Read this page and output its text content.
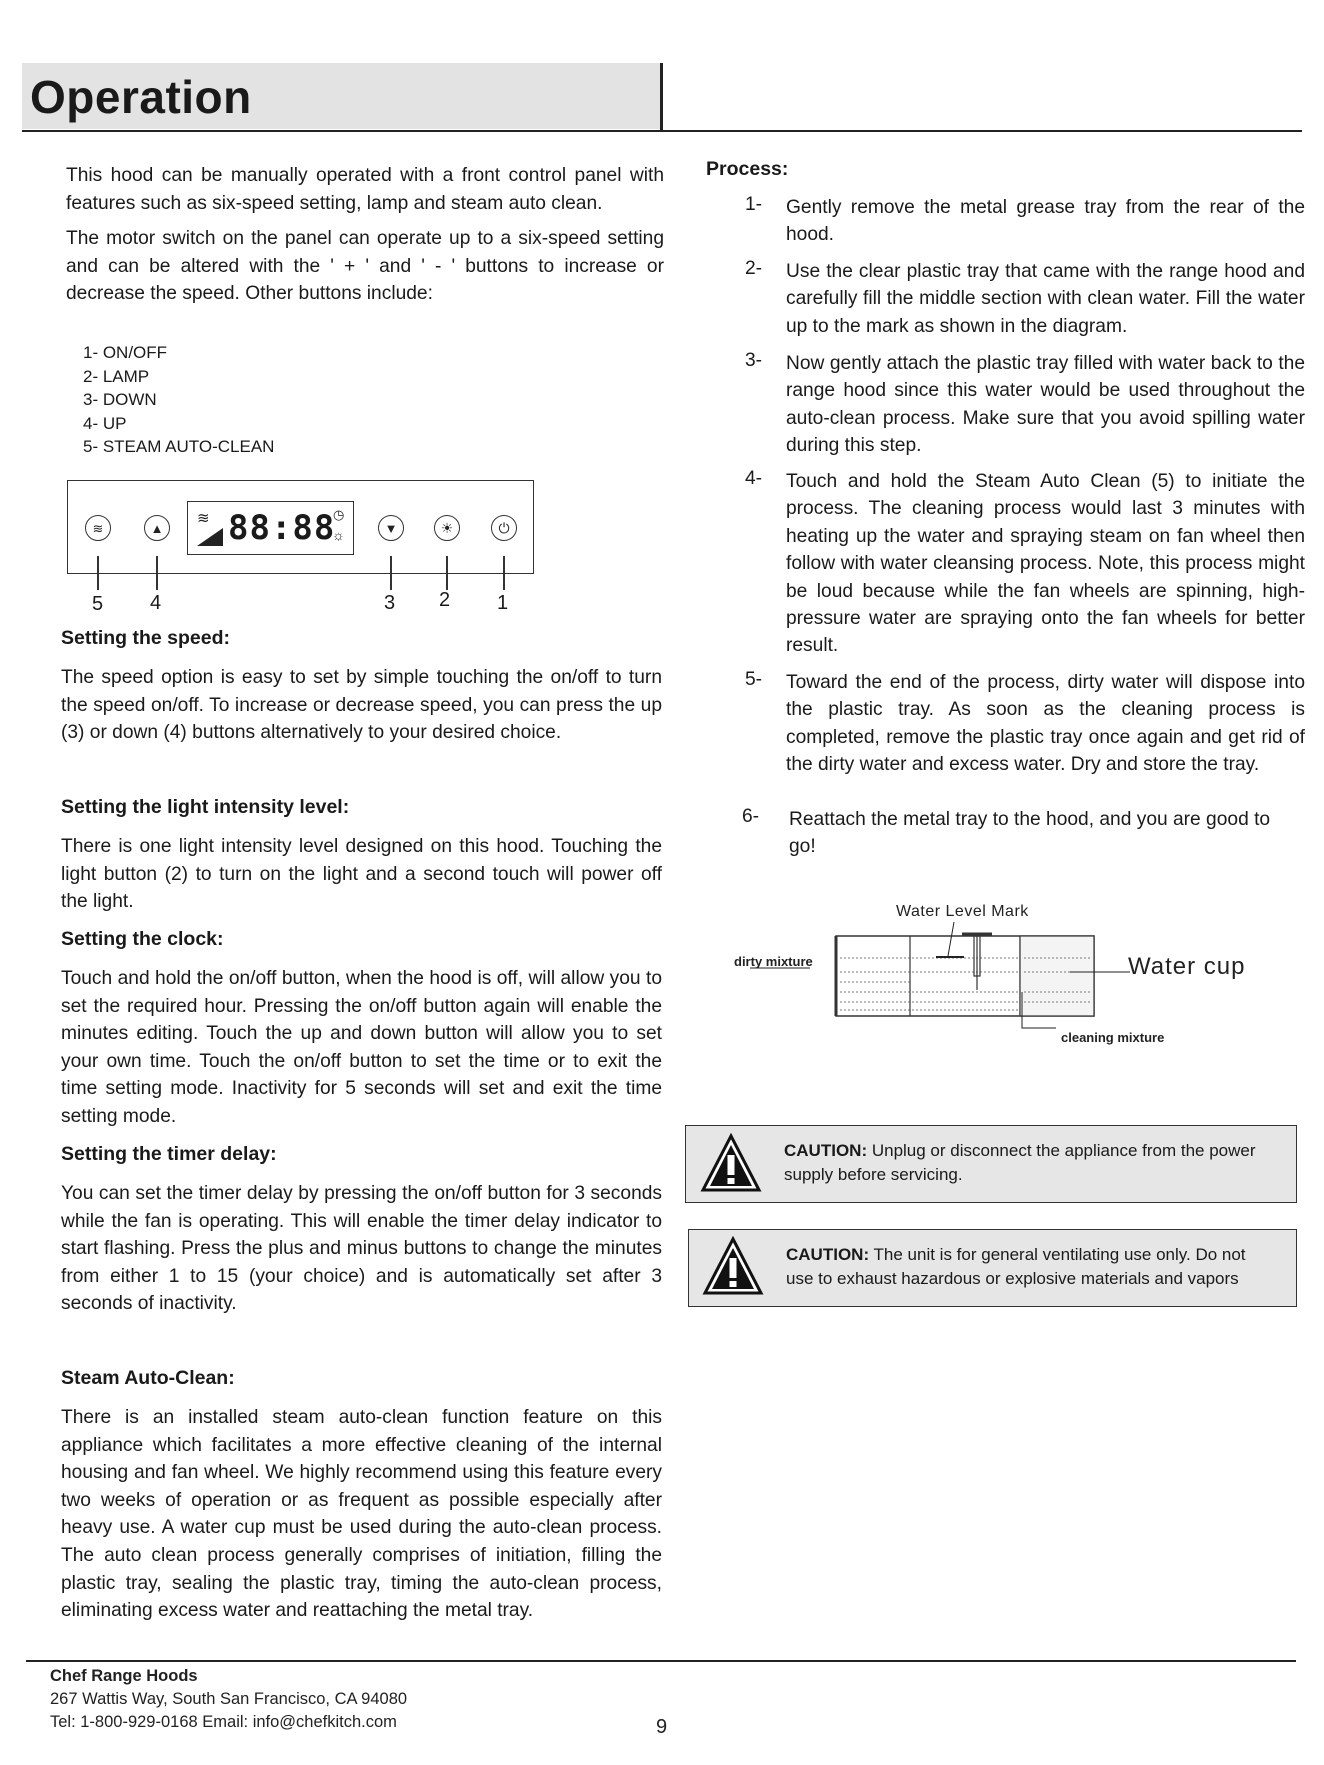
Operation

This hood can be manually operated with a front control panel with features such as six-speed setting, lamp and steam auto clean.

The motor switch on the panel can operate up to a six-speed setting and can be altered with the ' + ' and ' - ' buttons to increase or decrease the speed. Other buttons include:

1- ON/OFF
2- LAMP
3- DOWN
4- UP
5- STEAM AUTO-CLEAN
≋	▲
≋ 88:88
◷
☼	▼	☀	⏻
5 4	3 2 1
Setting the speed:
The speed option is easy to set by simple touching the on/off to turn the speed on/off. To increase or decrease speed, you can press the up (3) or down (4) buttons alternatively to your desired choice.
Setting the light intensity level:
There is one light intensity level designed on this hood. Touching the light button (2) to turn on the light and a second touch will power off the light.
Setting the clock:
Touch and hold the on/off button, when the hood is off, will allow you to set the required hour. Pressing the on/off button again will enable the minutes editing. Touch the up and down button will allow you to set your own time. Touch the on/off button to set the time or to exit the time setting mode. Inactivity for 5 seconds will set and exit the time setting mode.
Setting the timer delay:
You can set the timer delay by pressing the on/off button for 3 seconds while the fan is operating. This will enable the timer delay indicator to start flashing. Press the plus and minus buttons to change the minutes from either 1 to 15 (your choice) and is automatically set after 3 seconds of inactivity.
Steam Auto-Clean:
There is an installed steam auto-clean function feature on this appliance which facilitates a more effective cleaning of the internal housing and fan wheel. We highly recommend using this feature every two weeks of operation or as frequent as possible especially after heavy use. A water cup must be used during the auto-clean process. The auto clean process generally comprises of initiation, filling the plastic tray, sealing the plastic tray, timing the auto-clean process, eliminating excess water and reattaching the metal tray.
Process:
1- Gently remove the metal grease tray from the rear of the hood.
2- Use the clear plastic tray that came with the range hood and carefully fill the middle section with clean water. Fill the water up to the mark as shown in the diagram.
3- Now gently attach the plastic tray filled with water back to the range hood since this water would be used throughout the auto-clean process. Make sure that you avoid spilling water during this step.
4- Touch and hold the Steam Auto Clean (5) to initiate the process. The cleaning process would last 3 minutes with heating up the water and spraying steam on fan wheel then follow with water cleansing process. Note, this process might be loud because while the fan wheels are spinning, high-pressure water are spraying onto the fan wheels for better result.
5- Toward the end of the process, dirty water will dispose into the plastic tray. As soon as the cleaning process is completed, remove the plastic tray once again and get rid of the dirty water and excess water. Dry and store the tray.
6- Reattach the metal tray to the hood, and you are good to go!
Water Level Mark
dirty mixture	Water cup
cleaning mixture
CAUTION: Unplug or disconnect the appliance from the power supply before servicing.
CAUTION: The unit is for general ventilating use only. Do not use to exhaust hazardous or explosive materials and vapors
Chef Range Hoods
267 Wattis Way, South San Francisco, CA 94080
Tel: 1-800-929-0168 Email: info@chefkitch.com	9
